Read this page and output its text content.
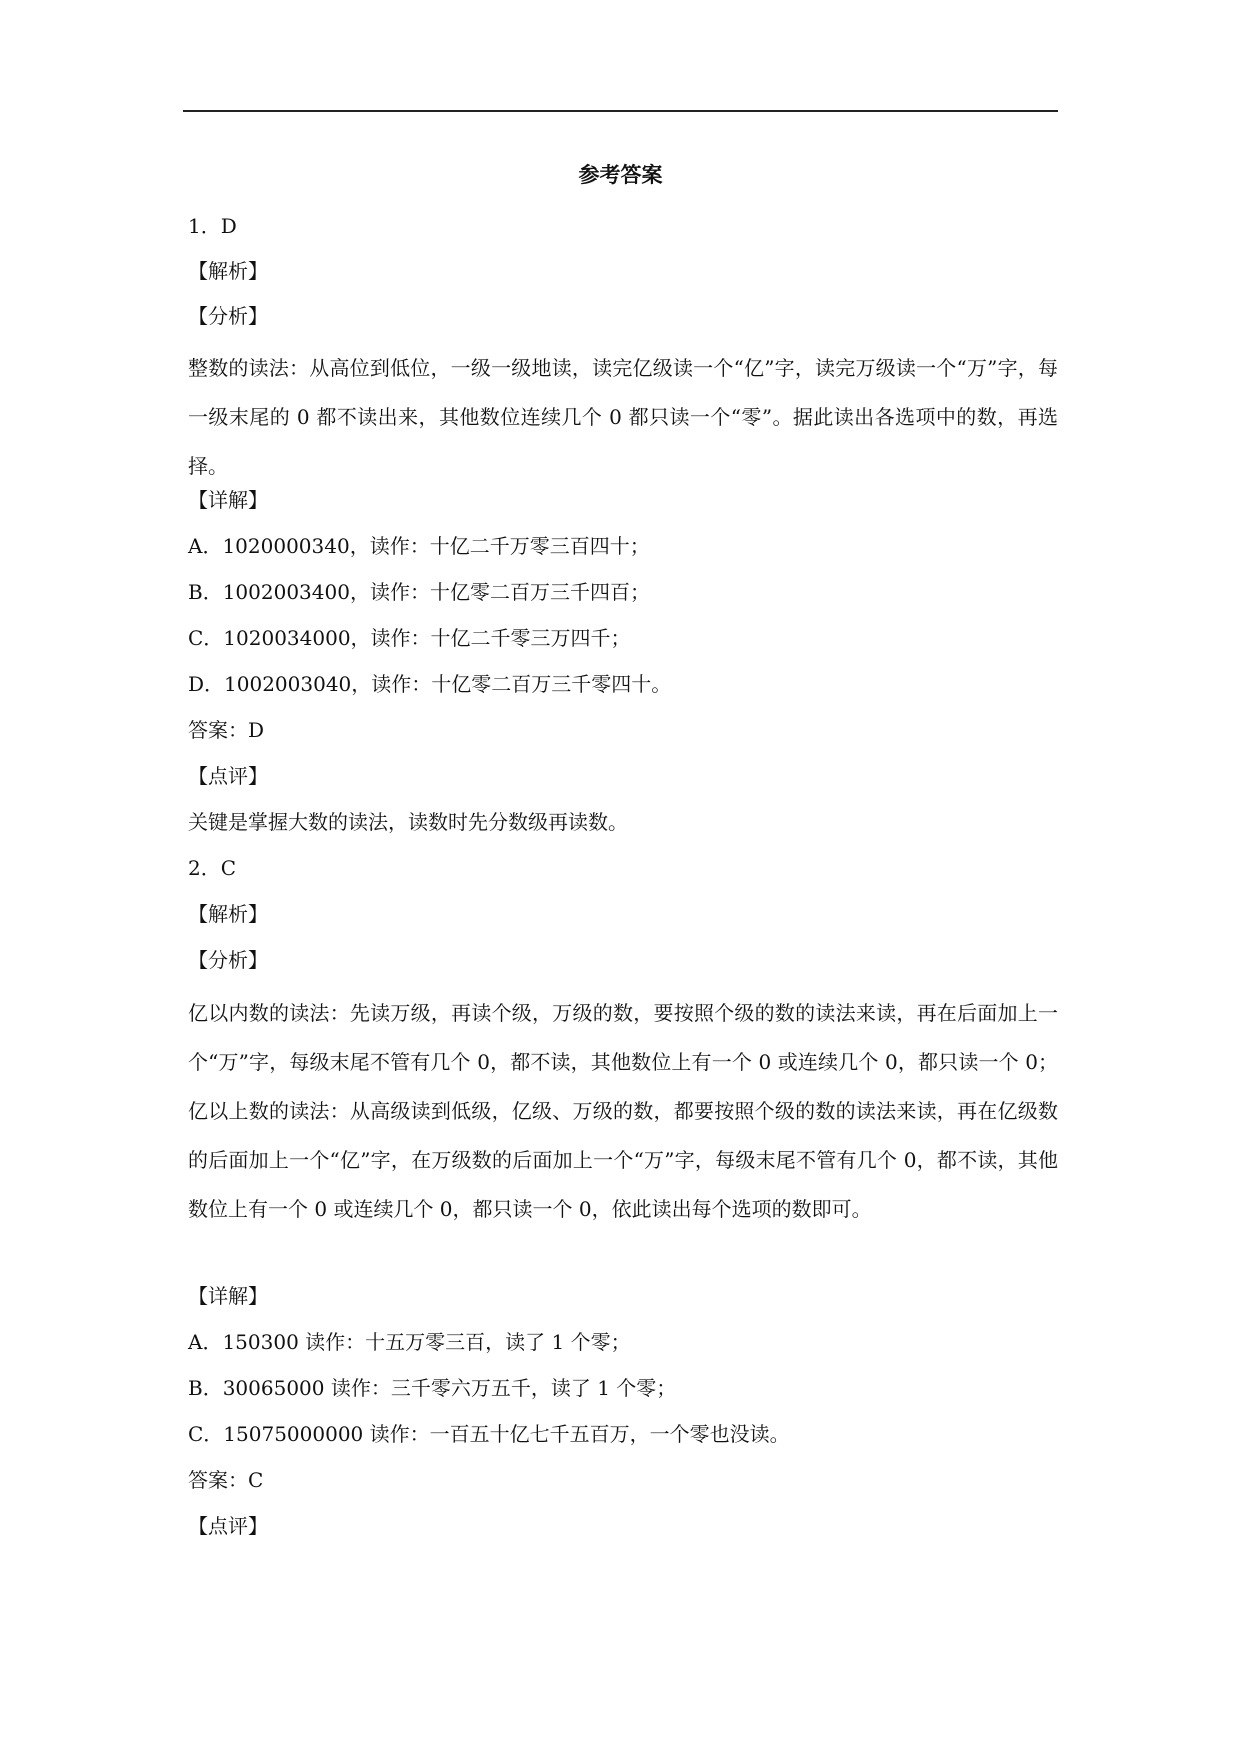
参考答案
1．D
【解析】
【分析】
整数的读法：从高位到低位，一级一级地读，读完亿级读一个“亿”字，读完万级读一个“万”字，每一级末尾的 0 都不读出来，其他数位连续几个 0 都只读一个“零”。据此读出各选项中的数，再选择。
【详解】
A．1020000340，读作：十亿二千万零三百四十；
B．1002003400，读作：十亿零二百万三千四百；
C．1020034000，读作：十亿二千零三万四千；
D．1002003040，读作：十亿零二百万三千零四十。
答案：D
【点评】
关键是掌握大数的读法，读数时先分数级再读数。
2．C
【解析】
【分析】
亿以内数的读法：先读万级，再读个级，万级的数，要按照个级的数的读法来读，再在后面加上一个“万”字，每级末尾不管有几个 0，都不读，其他数位上有一个 0 或连续几个 0，都只读一个 0；亿以上数的读法：从高级读到低级，亿级、万级的数，都要按照个级的数的读法来读，再在亿级数的后面加上一个“亿”字，在万级数的后面加上一个“万”字，每级末尾不管有几个 0，都不读，其他数位上有一个 0 或连续几个 0，都只读一个 0，依此读出每个选项的数即可。
【详解】
A．150300 读作：十五万零三百，读了 1 个零；
B．30065000 读作：三千零六万五千，读了 1 个零；
C．15075000000 读作：一百五十亿七千五百万，一个零也没读。
答案：C
【点评】
